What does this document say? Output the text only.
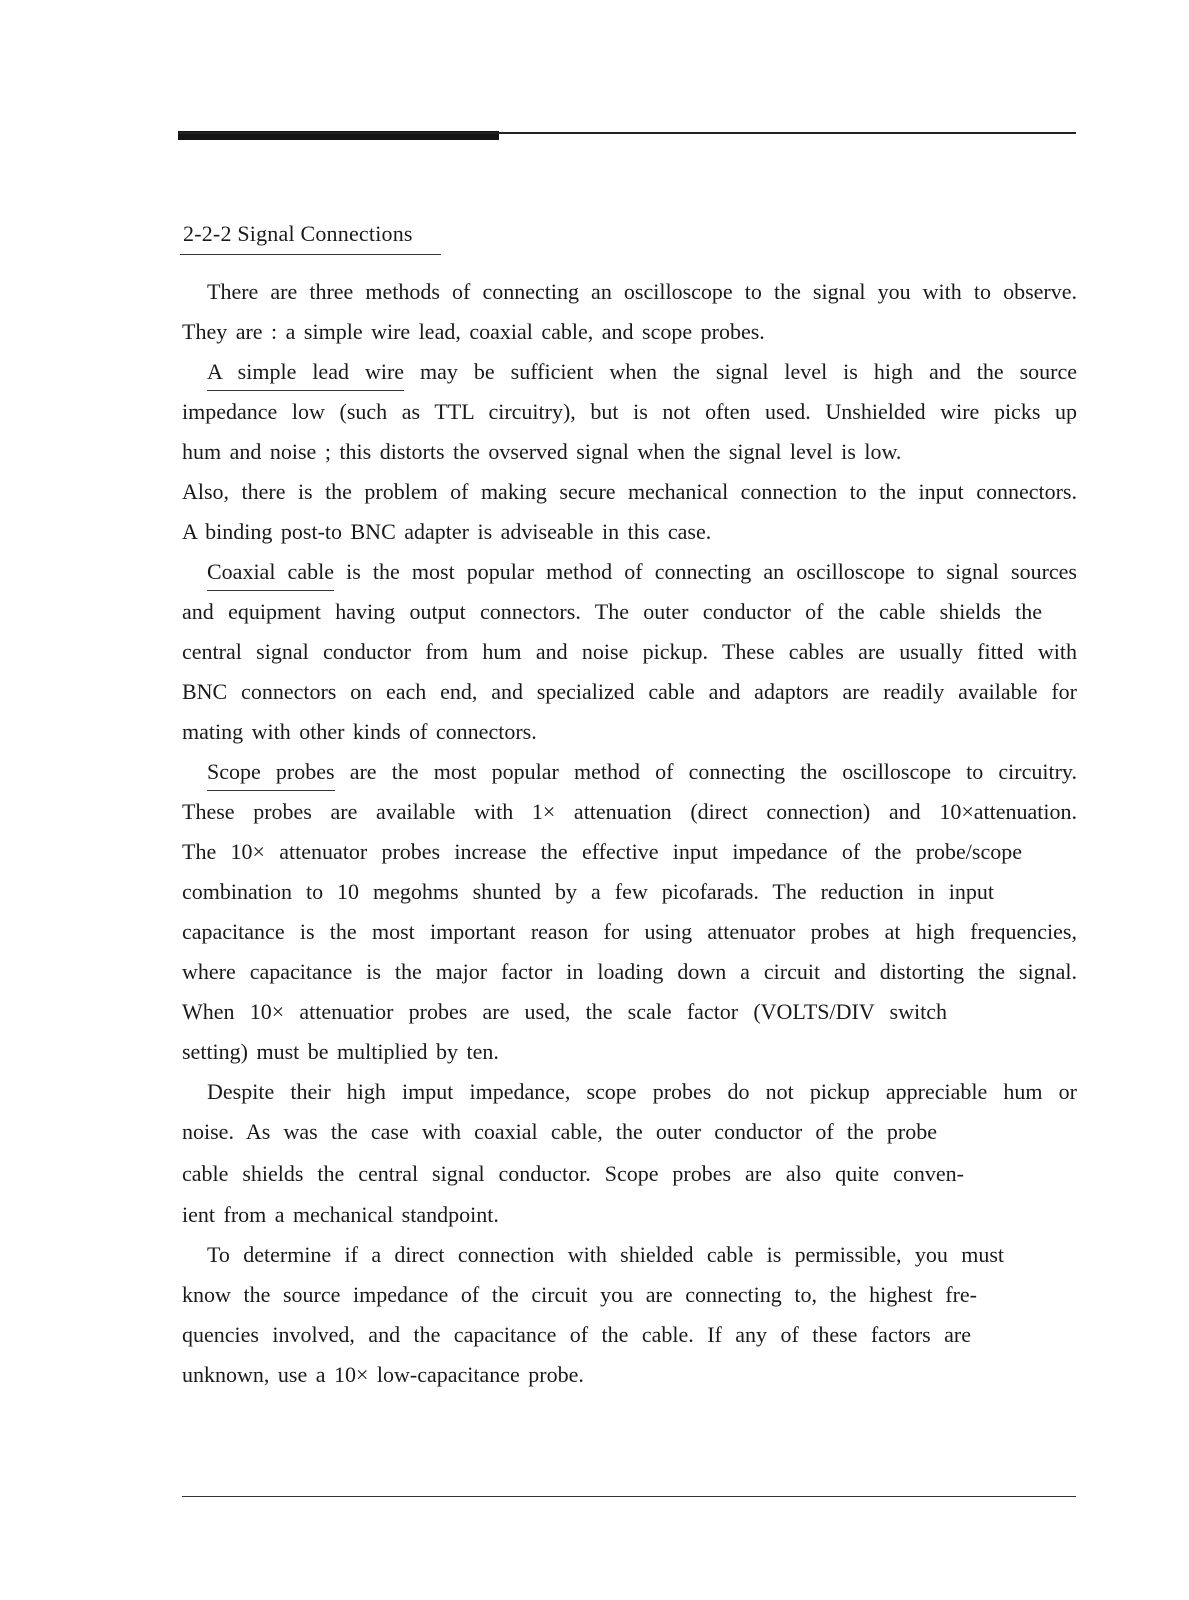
2-2-2 Signal Connections
There are three methods of connecting an oscilloscope to the signal you with to observe.
They are : a simple wire lead, coaxial cable, and scope probes.
A simple lead wire may be sufficient when the signal level is high and the source
impedance low (such as TTL circuitry), but is not often used. Unshielded wire picks up
hum and noise ; this distorts the ovserved signal when the signal level is low.
Also, there is the problem of making secure mechanical connection to the input connectors.
A binding post-to BNC adapter is adviseable in this case.
Coaxial cable is the most popular method of connecting an oscilloscope to signal sources
and equipment having output connectors. The outer conductor of the cable shields the
central signal conductor from hum and noise pickup. These cables are usually fitted with
BNC connectors on each end, and specialized cable and adaptors are readily available for
mating with other kinds of connectors.
Scope probes are the most popular method of connecting the oscilloscope to circuitry.
These probes are available with 1× attenuation (direct connection) and 10×attenuation.
The 10× attenuator probes increase the effective input impedance of the probe/scope
combination to 10 megohms shunted by a few picofarads. The reduction in input
capacitance is the most important reason for using attenuator probes at high frequencies,
where capacitance is the major factor in loading down a circuit and distorting the signal.
When 10× attenuatior probes are used, the scale factor (VOLTS/DIV switch
setting) must be multiplied by ten.
Despite their high imput impedance, scope probes do not pickup appreciable hum or
noise. As was the case with coaxial cable, the outer conductor of the probe
cable shields the central signal conductor. Scope probes are also quite conven-
ient from a mechanical standpoint.
To determine if a direct connection with shielded cable is permissible, you must
know the source impedance of the circuit you are connecting to, the highest fre-
quencies involved, and the capacitance of the cable. If any of these factors are
unknown, use a 10× low-capacitance probe.
